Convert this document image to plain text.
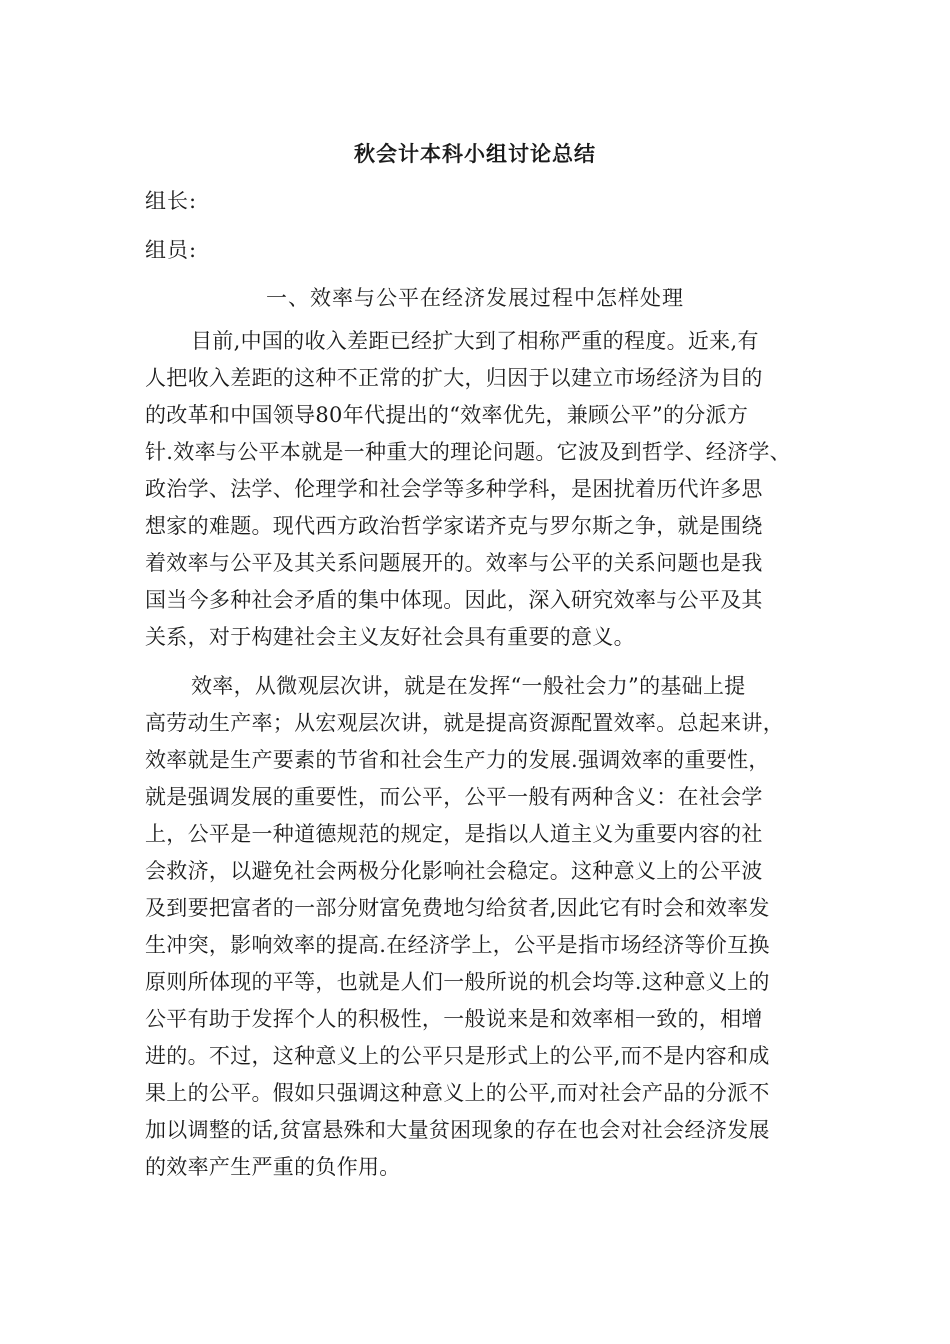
秋会计本科小组讨论总结
组长:
组员:
一、效率与公平在经济发展过程中怎样处理
目前,中国的收入差距已经扩大到了相称严重的程度。近来,有
人把收入差距的这种不正常的扩大，归因于以建立市场经济为目的
的改革和中国领导80年代提出的“效率优先，兼顾公平”的分派方
针.效率与公平本就是一种重大的理论问题。它波及到哲学、经济学、
政治学、法学、伦理学和社会学等多种学科，是困扰着历代许多思
想家的难题。现代西方政治哲学家诺齐克与罗尔斯之争，就是围绕
着效率与公平及其关系问题展开的。效率与公平的关系问题也是我
国当今多种社会矛盾的集中体现。因此，深入研究效率与公平及其
关系，对于构建社会主义友好社会具有重要的意义。
效率，从微观层次讲，就是在发挥“一般社会力”的基础上提
高劳动生产率；从宏观层次讲，就是提高资源配置效率。总起来讲，
效率就是生产要素的节省和社会生产力的发展.强调效率的重要性，
就是强调发展的重要性，而公平，公平一般有两种含义：在社会学
上，公平是一种道德规范的规定，是指以人道主义为重要内容的社
会救济，以避免社会两极分化影响社会稳定。这种意义上的公平波
及到要把富者的一部分财富免费地匀给贫者,因此它有时会和效率发
生冲突，影响效率的提高.在经济学上，公平是指市场经济等价互换
原则所体现的平等，也就是人们一般所说的机会均等.这种意义上的
公平有助于发挥个人的积极性，一般说来是和效率相一致的，相增
进的。不过，这种意义上的公平只是形式上的公平,而不是内容和成
果上的公平。假如只强调这种意义上的公平,而对社会产品的分派不
加以调整的话,贫富悬殊和大量贫困现象的存在也会对社会经济发展
的效率产生严重的负作用。
